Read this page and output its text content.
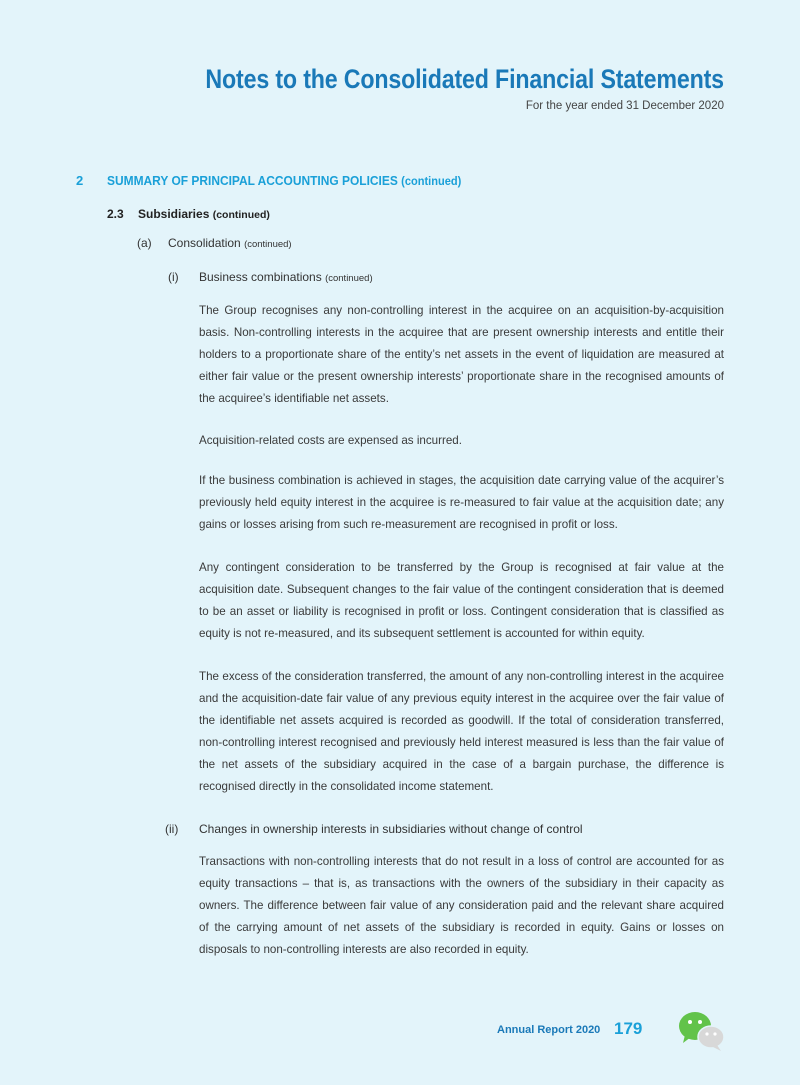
Notes to the Consolidated Financial Statements
For the year ended 31 December 2020
2 SUMMARY OF PRINCIPAL ACCOUNTING POLICIES (continued)
2.3 Subsidiaries (continued)
(a) Consolidation (continued)
(i) Business combinations (continued)

The Group recognises any non-controlling interest in the acquiree on an acquisition-by-acquisition basis. Non-controlling interests in the acquiree that are present ownership interests and entitle their holders to a proportionate share of the entity’s net assets in the event of liquidation are measured at either fair value or the present ownership interests’ proportionate share in the recognised amounts of the acquiree’s identifiable net assets.

Acquisition-related costs are expensed as incurred.

If the business combination is achieved in stages, the acquisition date carrying value of the acquirer’s previously held equity interest in the acquiree is re-measured to fair value at the acquisition date; any gains or losses arising from such re-measurement are recognised in profit or loss.

Any contingent consideration to be transferred by the Group is recognised at fair value at the acquisition date. Subsequent changes to the fair value of the contingent consideration that is deemed to be an asset or liability is recognised in profit or loss. Contingent consideration that is classified as equity is not re-measured, and its subsequent settlement is accounted for within equity.

The excess of the consideration transferred, the amount of any non-controlling interest in the acquiree and the acquisition-date fair value of any previous equity interest in the acquiree over the fair value of the identifiable net assets acquired is recorded as goodwill. If the total of consideration transferred, non-controlling interest recognised and previously held interest measured is less than the fair value of the net assets of the subsidiary acquired in the case of a bargain purchase, the difference is recognised directly in the consolidated income statement.

(ii) Changes in ownership interests in subsidiaries without change of control

Transactions with non-controlling interests that do not result in a loss of control are accounted for as equity transactions – that is, as transactions with the owners of the subsidiary in their capacity as owners. The difference between fair value of any consideration paid and the relevant share acquired of the carrying amount of net assets of the subsidiary is recorded in equity. Gains or losses on disposals to non-controlling interests are also recorded in equity.

Annual Report 2020 179
